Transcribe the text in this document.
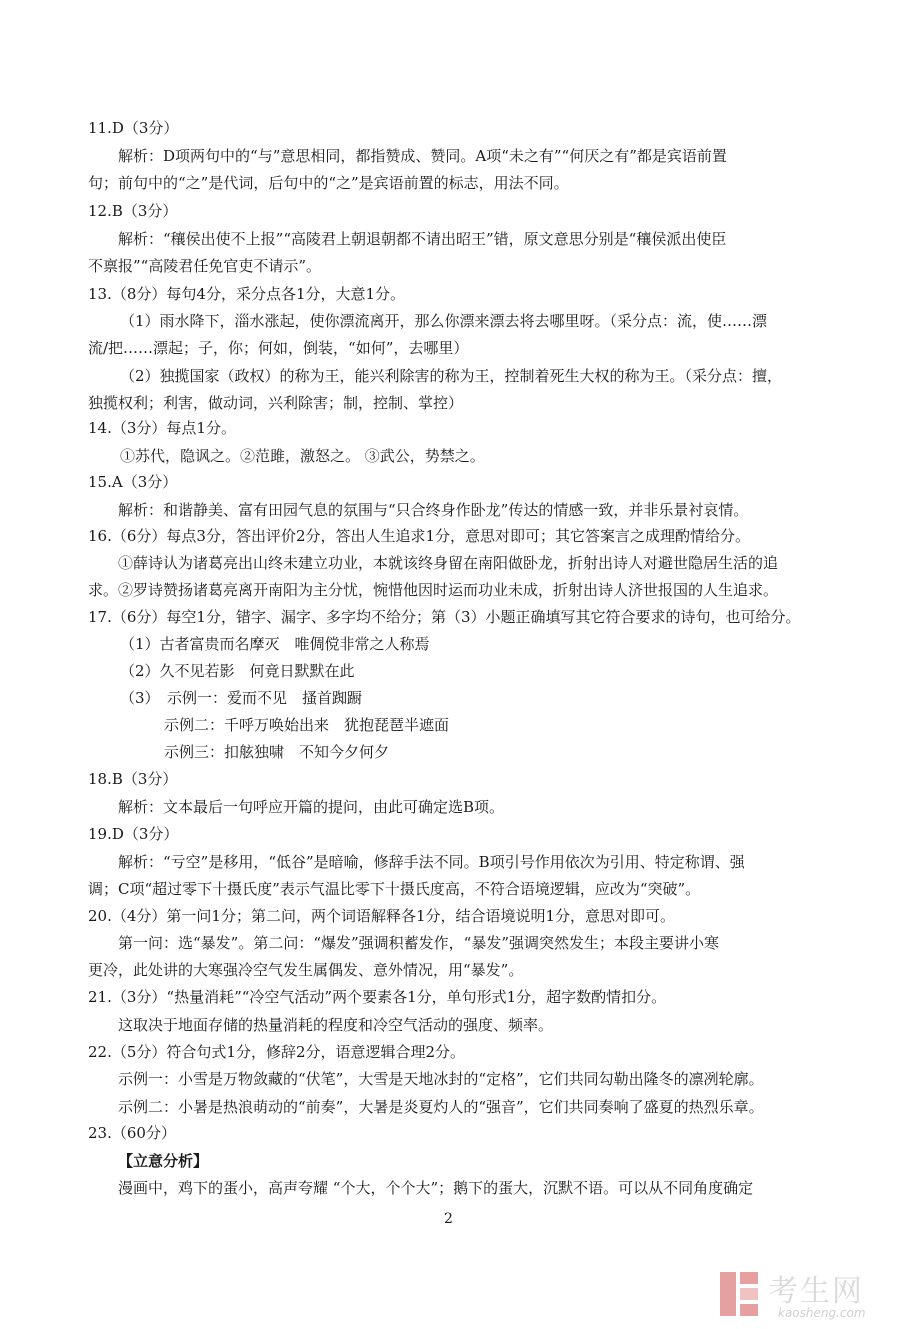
11.D（3分）
解析：D项两句中的“与”意思相同，都指赞成、赞同。A项“未之有”“何厌之有”都是宾语前置
句；前句中的“之”是代词，后句中的“之”是宾语前置的标志，用法不同。
12.B（3分）
解析：“穰侯出使不上报”“高陵君上朝退朝都不请出昭王”错，原文意思分别是“穰侯派出使臣
不禀报”“高陵君任免官吏不请示”。
13.（8分）每句4分，采分点各1分，大意1分。
（1）雨水降下，淄水涨起，使你漂流离开，那么你漂来漂去将去哪里呀。（采分点：流，使……漂
流/把……漂起；子，你；何如，倒装，“如何”，去哪里）
（2）独揽国家（政权）的称为王，能兴利除害的称为王，控制着死生大权的称为王。（采分点：擅，
独揽权利；利害，做动词，兴利除害；制，控制、掌控）
14.（3分）每点1分。
①苏代，隐讽之。②范雎，激怒之。 ③武公，势禁之。
15.A（3分）
解析：和谐静美、富有田园气息的氛围与“只合终身作卧龙”传达的情感一致，并非乐景衬哀情。
16.（6分）每点3分，答出评价2分，答出人生追求1分，意思对即可；其它答案言之成理酌情给分。
①薛诗认为诸葛亮出山终未建立功业，本就该终身留在南阳做卧龙，折射出诗人对避世隐居生活的追
求。②罗诗赞扬诸葛亮离开南阳为主分忧，惋惜他因时运而功业未成，折射出诗人济世报国的人生追求。
17.（6分）每空1分，错字、漏字、多字均不给分；第（3）小题正确填写其它符合要求的诗句，也可给分。
（1）古者富贵而名摩灭　唯倜傥非常之人称焉
（2）久不见若影　何竟日默默在此
（3）　示例一：爱而不见　搔首踟蹰
示例二：千呼万唤始出来　犹抱琵琶半遮面
示例三：扣舷独啸　不知今夕何夕
18.B（3分）
解析：文本最后一句呼应开篇的提问，由此可确定选B项。
19.D（3分）
解析：“亏空”是移用，“低谷”是暗喻，修辞手法不同。B项引号作用依次为引用、特定称谓、强
调；C项“超过零下十摄氏度”表示气温比零下十摄氏度高，不符合语境逻辑，应改为“突破”。
20.（4分）第一问1分；第二问，两个词语解释各1分，结合语境说明1分，意思对即可。
第一问：选“暴发”。第二问：“爆发”强调积蓄发作，“暴发”强调突然发生；本段主要讲小寒
更冷，此处讲的大寒强冷空气发生属偶发、意外情况，用“暴发”。
21.（3分）“热量消耗”“冷空气活动”两个要素各1分，单句形式1分，超字数酌情扣分。
这取决于地面存储的热量消耗的程度和冷空气活动的强度、频率。
22.（5分）符合句式1分，修辞2分，语意逻辑合理2分。
示例一：小雪是万物敛藏的“伏笔”，大雪是天地冰封的“定格”，它们共同勾勒出隆冬的凛冽轮廓。
示例二：小暑是热浪萌动的“前奏”，大暑是炎夏灼人的“强音”，它们共同奏响了盛夏的热烈乐章。
23.（60分）
【立意分析】
漫画中，鸡下的蛋小，高声夸耀 “个大，个个大”；鹅下的蛋大，沉默不语。可以从不同角度确定
2
考生网
kaosheng.com
